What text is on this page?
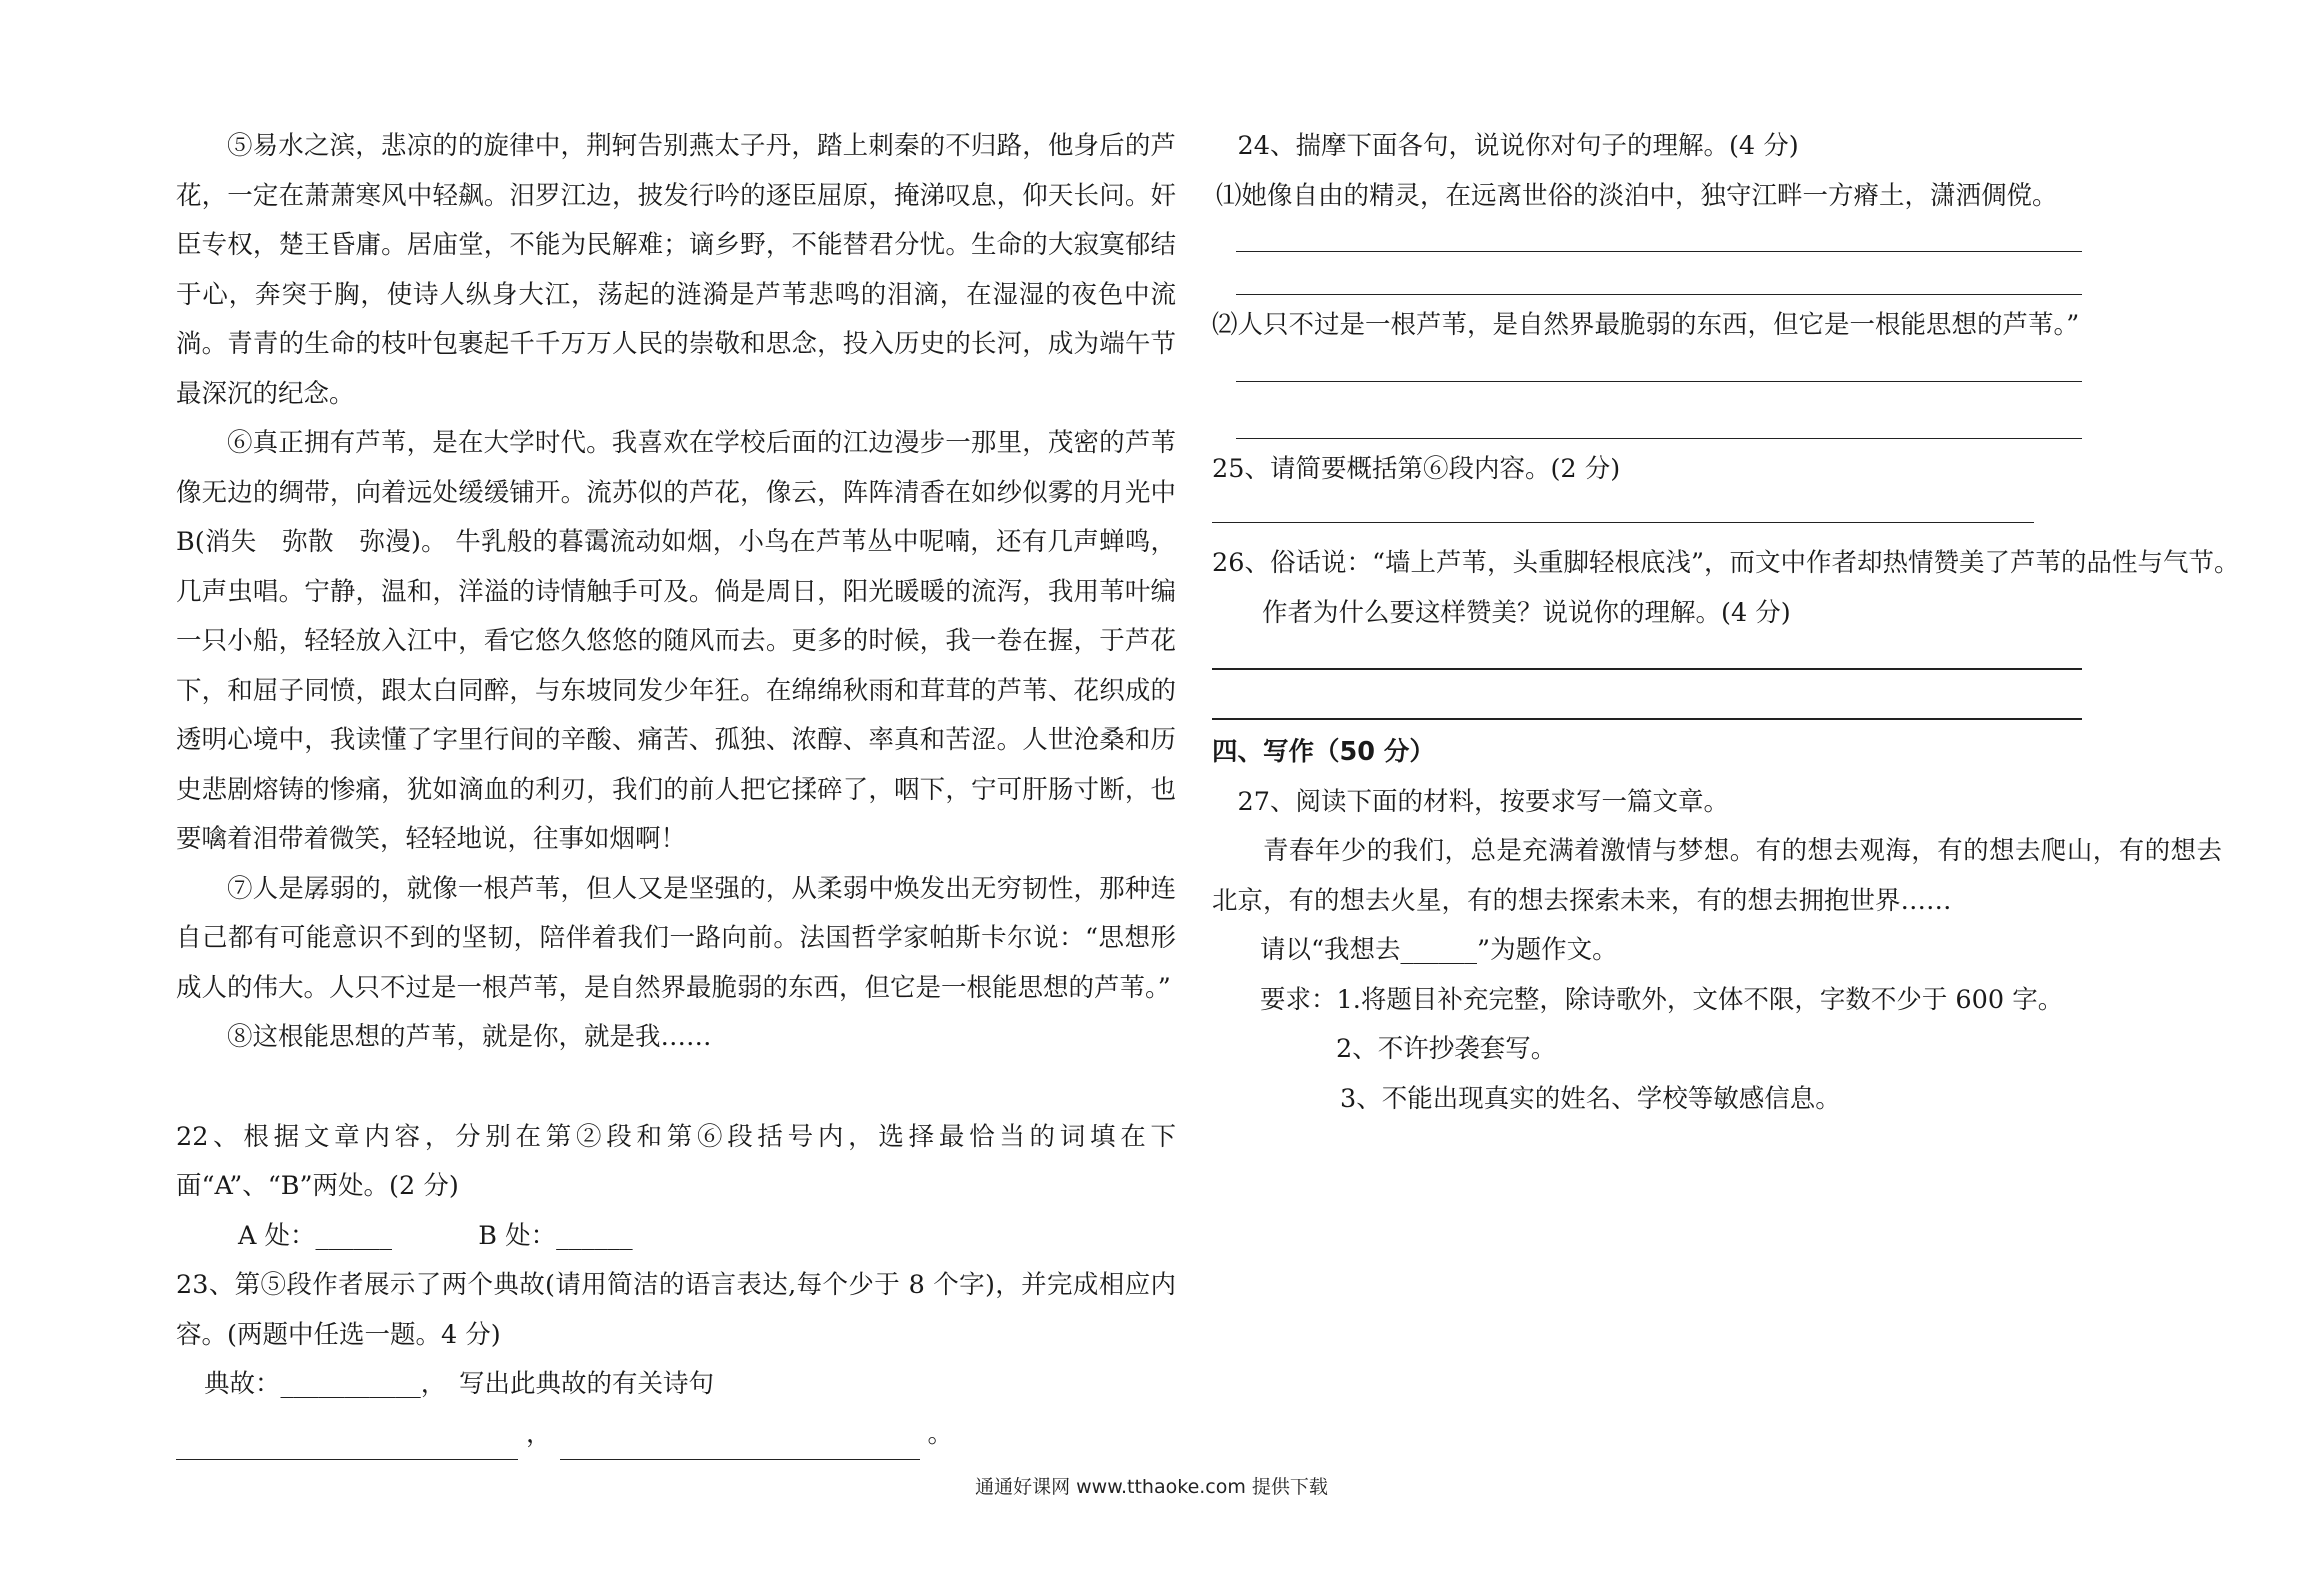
⑤易水之滨，悲凉的的旋律中，荆轲告别燕太子丹，踏上刺秦的不归路，他身后的芦花，一定在萧萧寒风中轻飙。汨罗江边，披发行吟的逐臣屈原，掩涕叹息，仰天长问。奸臣专权，楚王昏庸。居庙堂，不能为民解难；谪乡野，不能替君分忧。生命的大寂寞郁结于心，奔突于胸，使诗人纵身大江，荡起的涟漪是芦苇悲鸣的泪滴，在湿湿的夜色中流淌。青青的生命的枝叶包裹起千千万万人民的崇敬和思念，投入历史的长河，成为端午节最深沉的纪念。

⑥真正拥有芦苇，是在大学时代。我喜欢在学校后面的江边漫步一那里，茂密的芦苇像无边的绸带，向着远处缓缓铺开。流苏似的芦花，像云，阵阵清香在如纱似雾的月光中　B(消失　弥散　弥漫)。 牛乳般的暮霭流动如烟，小鸟在芦苇丛中呢喃，还有几声蝉鸣，几声虫唱。宁静，温和，洋溢的诗情触手可及。倘是周日，阳光暖暖的流泻，我用苇叶编一只小船，轻轻放入江中，看它悠久悠悠的随风而去。更多的时候，我一卷在握，于芦花下，和屈子同愤，跟太白同醉，与东坡同发少年狂。在绵绵秋雨和茸茸的芦苇、花织成的透明心境中，我读懂了字里行间的辛酸、痛苦、孤独、浓醇、率真和苦涩。人世沧桑和历史悲剧熔铸的惨痛，犹如滴血的利刃，我们的前人把它揉碎了，咽下，宁可肝肠寸断，也要噙着泪带着微笑，轻轻地说，往事如烟啊！

⑦人是孱弱的，就像一根芦苇，但人又是坚强的，从柔弱中焕发出无穷韧性，那种连自己都有可能意识不到的坚韧，陪伴着我们一路向前。法国哲学家帕斯卡尔说：“思想形成人的伟大。人只不过是一根芦苇，是自然界最脆弱的东西，但它是一根能思想的芦苇。”

⑧这根能思想的芦苇，就是你，就是我……

22、根据文章内容，分别在第②段和第⑥段括号内，选择最恰当的词填在下面“A”、“B”两处。(2 分)

A 处：______	B 处：______

23、第⑤段作者展示了两个典故(请用简洁的语言表达,每个少于 8 个字)，并完成相应内容。(两题中任选一题。4 分)

典故：___________，　写出此典故的有关诗句

，	。

24、揣摩下面各句，说说你对句子的理解。(4 分)

⑴她像自由的精灵，在远离世俗的淡泊中，独守江畔一方瘠土，潇洒倜傥。

⑵人只不过是一根芦苇，是自然界最脆弱的东西，但它是一根能思想的芦苇。”

25、请简要概括第⑥段内容。(2 分)

26、俗话说：“墙上芦苇，头重脚轻根底浅”，而文中作者却热情赞美了芦苇的品性与气节。

作者为什么要这样赞美？说说你的理解。(4 分)

四、写作（50 分）

27、阅读下面的材料，按要求写一篇文章。

青春年少的我们，总是充满着激情与梦想。有的想去观海，有的想去爬山，有的想去北京，有的想去火星，有的想去探索未来，有的想去拥抱世界……

请以“我想去______”为题作文。

要求：1.将题目补充完整，除诗歌外，文体不限，字数不少于 600 字。

2、不许抄袭套写。

3、不能出现真实的姓名、学校等敏感信息。

通通好课网 www.tthaoke.com 提供下载
